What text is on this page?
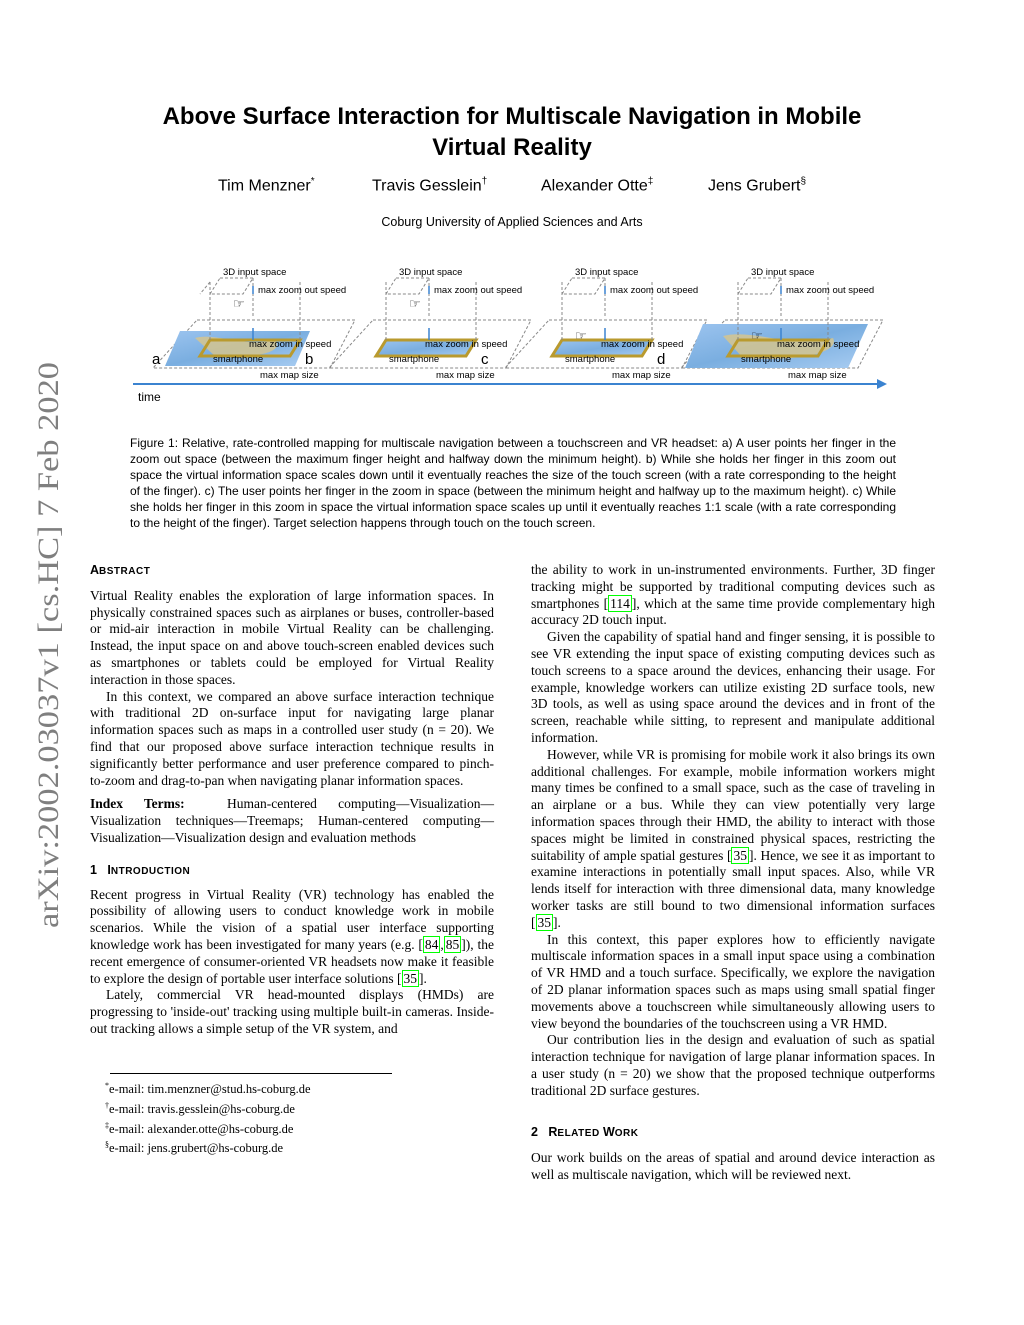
arXiv:2002.03037v1 [cs.HC] 7 Feb 2020
Above Surface Interaction for Multiscale Navigation in Mobile Virtual Reality
Tim Menzner*	Travis Gesslein†	Alexander Otte‡	Jens Grubert§
Coburg University of Applied Sciences and Arts
☞
3D input space
max zoom out speed
max zoom in speed
smartphone
max map size
a
☞
3D input space
max zoom out speed
max zoom in speed
smartphone
max map size
b
☞
3D input space
max zoom out speed
max zoom in speed
smartphone
max map size
c
☞
3D input space
max zoom out speed
max zoom in speed
smartphone
max map size
d
time
Figure 1: Relative, rate-controlled mapping for multiscale navigation between a touchscreen and VR headset: a) A user points her finger in the zoom out space (between the maximum finger height and halfway down the minimum height). b) While she holds her finger in this zoom out space the virtual information space scales down until it eventually reaches the size of the touch screen (with a rate corresponding to the height of the finger). c) The user points her finger in the zoom in space (between the minimum height and halfway up to the maximum height). c) While she holds her finger in this zoom in space the virtual information space scales up until it eventually reaches 1:1 scale (with a rate corresponding to the height of the finger). Target selection happens through touch on the touch screen.
ABSTRACT

Virtual Reality enables the exploration of large information spaces. In physically constrained spaces such as airplanes or buses, controller-based or mid-air interaction in mobile Virtual Reality can be challenging. Instead, the input space on and above touch-screen enabled devices such as smartphones or tablets could be employed for Virtual Reality interaction in those spaces.

In this context, we compared an above surface interaction technique with traditional 2D on-surface input for navigating large planar information spaces such as maps in a controlled user study (n = 20). We find that our proposed above surface interaction technique results in significantly better performance and user preference compared to pinch-to-zoom and drag-to-pan when navigating planar information spaces.

Index Terms:	Human-centered computing—Visualization—Visualization techniques—Treemaps; Human-centered computing—Visualization—Visualization design and evaluation methods

1 INTRODUCTION

Recent progress in Virtual Reality (VR) technology has enabled the possibility of allowing users to conduct knowledge work in mobile scenarios. While the vision of a spatial user interface supporting knowledge work has been investigated for many years (e.g. [ 84 , 85 ]), the recent emergence of consumer-oriented VR headsets now make it feasible to explore the design of portable user interface solutions [ 35 ].

Lately, commercial VR head-mounted displays (HMDs) are progressing to 'inside-out' tracking using multiple built-in cameras. Inside-out tracking allows a simple setup of the VR system, and

*e-mail: tim.menzner@stud.hs-coburg.de
†e-mail: travis.gesslein@hs-coburg.de
‡e-mail: alexander.otte@hs-coburg.de
§e-mail: jens.grubert@hs-coburg.de

the ability to work in un-instrumented environments. Further, 3D finger tracking might be supported by traditional computing devices such as smartphones [ 114 ], which at the same time provide complementary high accuracy 2D touch input.

Given the capability of spatial hand and finger sensing, it is possible to see VR extending the input space of existing computing devices such as touch screens to a space around the devices, enhancing their usage. For example, knowledge workers can utilize existing 2D surface tools, new 3D tools, as well as using space around the devices and in front of the screen, reachable while sitting, to represent and manipulate additional information.

However, while VR is promising for mobile work it also brings its own additional challenges. For example, mobile information workers might many times be confined to a small space, such as the case of traveling in an airplane or a bus. While they can view potentially very large information spaces through their HMD, the ability to interact with those spaces might be limited in constrained physical spaces, restricting the suitability of ample spatial gestures [ 35 ]. Hence, we see it as important to examine interactions in potentially small input spaces. Also, while VR lends itself for interaction with three dimensional data, many knowledge worker tasks are still bound to two dimensional information surfaces [ 35 ].

In this context, this paper explores how to efficiently navigate multiscale information spaces in a small input space using a combination of VR HMD and a touch surface. Specifically, we explore the navigation of 2D planar information spaces such as maps using small spatial finger movements above a touchscreen while simultaneously allowing users to view beyond the boundaries of the touchscreen using a VR HMD.

Our contribution lies in the design and evaluation of such as spatial interaction technique for navigation of large planar information spaces. In a user study (n = 20) we show that the proposed technique outperforms traditional 2D surface gestures.

2 RELATED WORK

Our work builds on the areas of spatial and around device interaction as well as multiscale navigation, which will be reviewed next.
